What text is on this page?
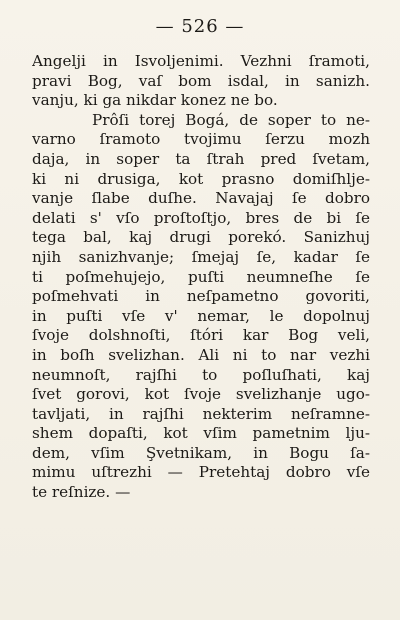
— 526 —
Angelji in Isvoljenimi. Vezhni ſramoti,
pravi Bog, vaſ bom isdal, in sanizh.
vanju, ki ga nikdar konez ne bo.
Prôſi torej Bogá, de soper to ne-
varno ſramoto tvojimu ſerzu mozh
daja, in soper ta ſtrah pred ſvetam,
ki ni drusiga, kot prasno domiſhlje-
vanje ſlabe duſhe. Navajaj ſe dobro
delati s' vſo proſtoſtjo, bres de bi ſe
tega bal, kaj drugi porekó. Sanizhuj
njih sanizhvanje; ſmejaj ſe, kadar ſe
ti poſmehujejo, puſti neumneſhe ſe
poſmehvati in neſpametno govoriti,
in puſti vſe v' nemar, le dopolnuj
ſvoje dolshnoſti, ſtóri kar Bog veli,
in boſh svelizhan. Ali ni to nar vezhi
neumnoſt, rajſhi to poſluſhati, kaj
ſvet gorovi, kot ſvoje svelizhanje ugo-
tavljati, in rajſhi nekterim neſramne-
shem dopaſti, kot vſim pametnim lju-
dem, vſim Şvetnikam, in Bogu ſa-
mimu uſtrezhi — Pretehtaj dobro vſe
te reſnize. —
